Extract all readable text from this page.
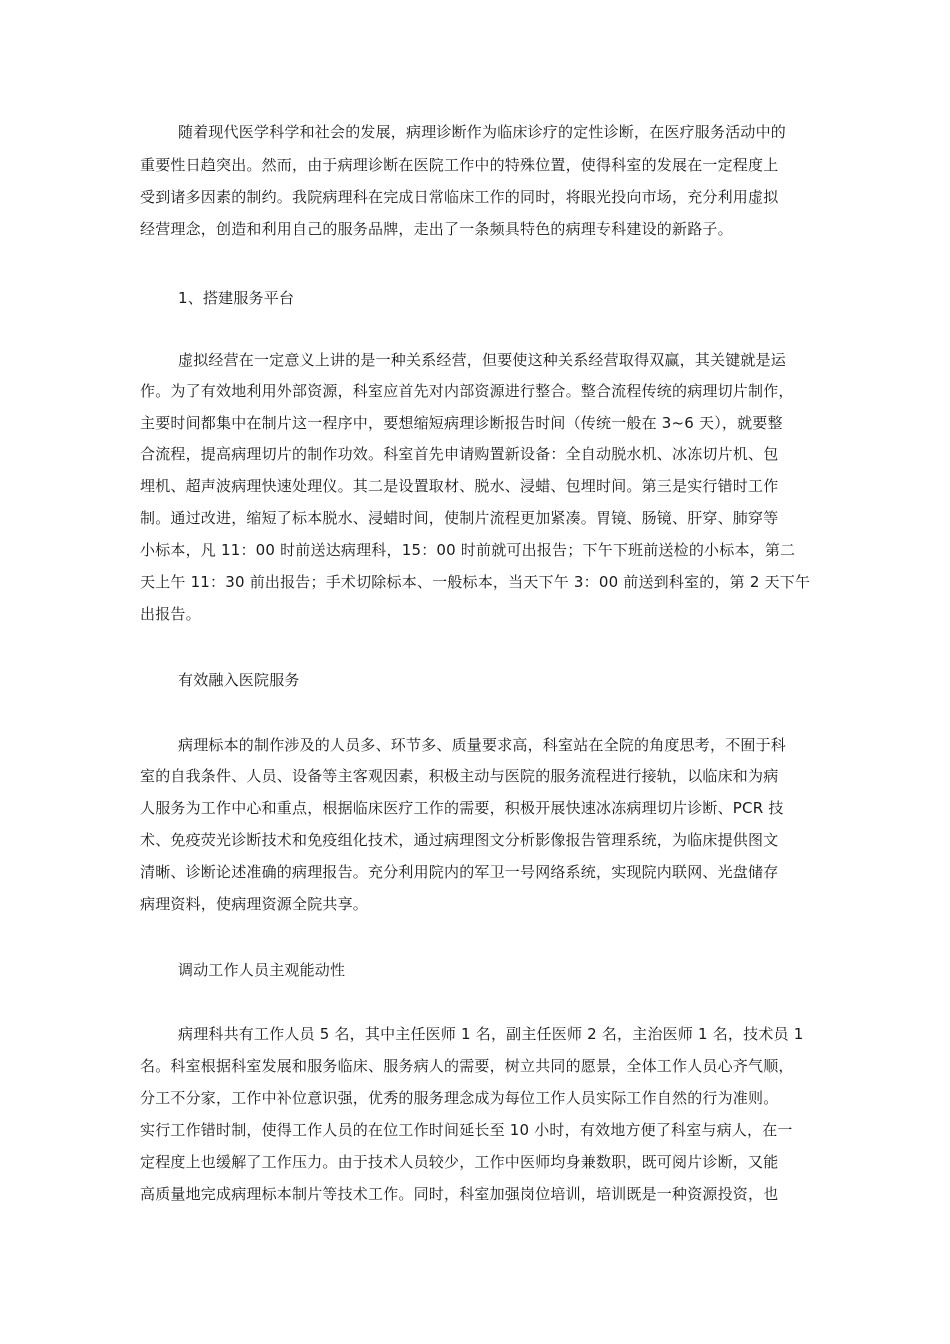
随着现代医学科学和社会的发展，病理诊断作为临床诊疗的定性诊断，在医疗服务活动中的
重要性日趋突出。然而，由于病理诊断在医院工作中的特殊位置，使得科室的发展在一定程度上
受到诸多因素的制约。我院病理科在完成日常临床工作的同时，将眼光投向市场，充分利用虚拟
经营理念，创造和利用自己的服务品牌，走出了一条频具特色的病理专科建设的新路子。
1、搭建服务平台
虚拟经营在一定意义上讲的是一种关系经营，但要使这种关系经营取得双赢，其关键就是运
作。为了有效地利用外部资源，科室应首先对内部资源进行整合。整合流程传统的病理切片制作，
主要时间都集中在制片这一程序中，要想缩短病理诊断报告时间（传统一般在 3~6 天），就要整
合流程，提高病理切片的制作功效。科室首先申请购置新设备：全自动脱水机、冰冻切片机、包
埋机、超声波病理快速处理仪。其二是设置取材、脱水、浸蜡、包埋时间。第三是实行错时工作
制。通过改进，缩短了标本脱水、浸蜡时间，使制片流程更加紧凑。胃镜、肠镜、肝穿、肺穿等
小标本，凡 11：00 时前送达病理科，15：00 时前就可出报告；下午下班前送检的小标本，第二
天上午 11：30 前出报告；手术切除标本、一般标本，当天下午 3：00 前送到科室的，第 2 天下午
出报告。
有效融入医院服务
病理标本的制作涉及的人员多、环节多、质量要求高，科室站在全院的角度思考，不囿于科
室的自我条件、人员、设备等主客观因素，积极主动与医院的服务流程进行接轨，以临床和为病
人服务为工作中心和重点，根据临床医疗工作的需要，积极开展快速冰冻病理切片诊断、PCR 技
术、免疫荧光诊断技术和免疫组化技术，通过病理图文分析影像报告管理系统，为临床提供图文
清晰、诊断论述准确的病理报告。充分利用院内的军卫一号网络系统，实现院内联网、光盘储存
病理资料，使病理资源全院共享。
调动工作人员主观能动性
病理科共有工作人员 5 名，其中主任医师 1 名，副主任医师 2 名，主治医师 1 名，技术员 1
名。科室根据科室发展和服务临床、服务病人的需要，树立共同的愿景，全体工作人员心齐气顺，
分工不分家，工作中补位意识强，优秀的服务理念成为每位工作人员实际工作自然的行为准则。
实行工作错时制，使得工作人员的在位工作时间延长至 10 小时，有效地方便了科室与病人，在一
定程度上也缓解了工作压力。由于技术人员较少，工作中医师均身兼数职，既可阅片诊断，又能
高质量地完成病理标本制片等技术工作。同时，科室加强岗位培训，培训既是一种资源投资，也
